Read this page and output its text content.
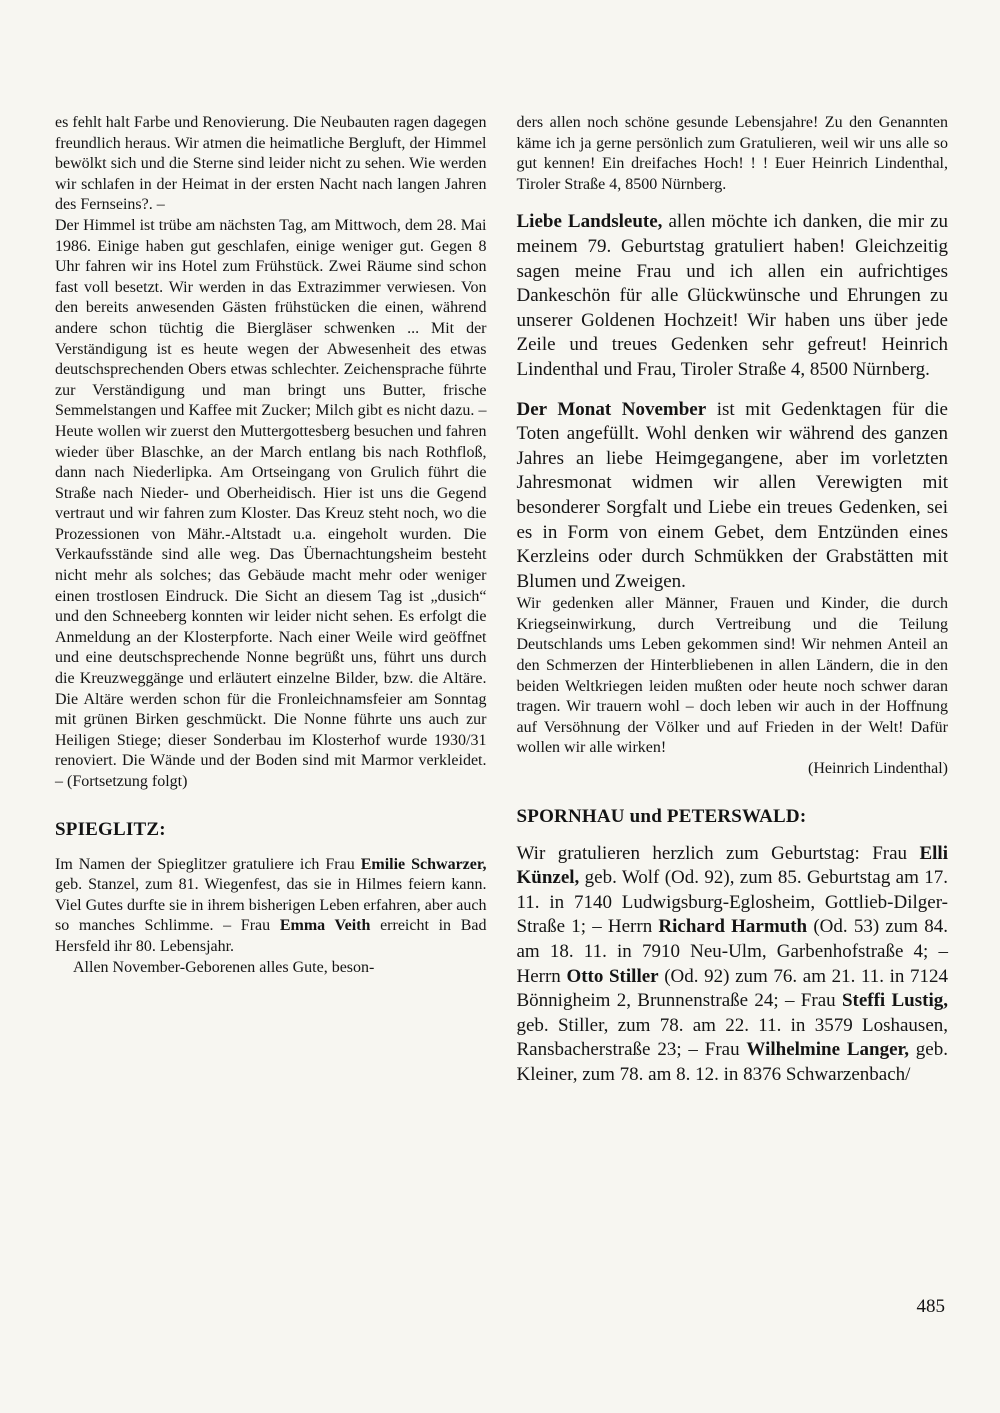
es fehlt halt Farbe und Renovierung. Die Neubauten ragen dagegen freundlich heraus. Wir atmen die heimatliche Bergluft, der Himmel bewölkt sich und die Sterne sind leider nicht zu sehen. Wie werden wir schlafen in der Heimat in der ersten Nacht nach langen Jahren des Fernseins?. –

Der Himmel ist trübe am nächsten Tag, am Mittwoch, dem 28. Mai 1986. Einige haben gut geschlafen, einige weniger gut. Gegen 8 Uhr fahren wir ins Hotel zum Frühstück. Zwei Räume sind schon fast voll besetzt. Wir werden in das Extrazimmer verwiesen. Von den bereits anwesenden Gästen frühstücken die einen, während andere schon tüchtig die Biergläser schwenken ... Mit der Verständigung ist es heute wegen der Abwesenheit des etwas deutschsprechenden Obers etwas schlechter. Zeichensprache führte zur Verständigung und man bringt uns Butter, frische Semmelstangen und Kaffee mit Zucker; Milch gibt es nicht dazu. – Heute wollen wir zuerst den Muttergottesberg besuchen und fahren wieder über Blaschke, an der March entlang bis nach Rothfloß, dann nach Niederlipka. Am Ortseingang von Grulich führt die Straße nach Nieder- und Oberheidisch. Hier ist uns die Gegend vertraut und wir fahren zum Kloster. Das Kreuz steht noch, wo die Prozessionen von Mähr.-Altstadt u.a. eingeholt wurden. Die Verkaufsstände sind alle weg. Das Übernachtungsheim besteht nicht mehr als solches; das Gebäude macht mehr oder weniger einen trostlosen Eindruck. Die Sicht an diesem Tag ist „dusich“ und den Schneeberg konnten wir leider nicht sehen. Es erfolgt die Anmeldung an der Klosterpforte. Nach einer Weile wird geöffnet und eine deutschsprechende Nonne begrüßt uns, führt uns durch die Kreuzweggänge und erläutert einzelne Bilder, bzw. die Altäre. Die Altäre werden schon für die Fronleichnamsfeier am Sonntag mit grünen Birken geschmückt. Die Nonne führte uns auch zur Heiligen Stiege; dieser Sonderbau im Klosterhof wurde 1930/31 renoviert. Die Wände und der Boden sind mit Marmor verkleidet. – (Fortsetzung folgt)

SPIEGLITZ:

Im Namen der Spieglitzer gratuliere ich Frau Emilie Schwarzer, geb. Stanzel, zum 81. Wiegenfest, das sie in Hilmes feiern kann. Viel Gutes durfte sie in ihrem bisherigen Leben erfahren, aber auch so manches Schlimme. – Frau Emma Veith erreicht in Bad Hersfeld ihr 80. Lebensjahr.

Allen November-Geborenen alles Gute, beson-

ders allen noch schöne gesunde Lebensjahre! Zu den Genannten käme ich ja gerne persönlich zum Gratulieren, weil wir uns alle so gut kennen! Ein dreifaches Hoch! ! ! Euer Heinrich Lindenthal, Tiroler Straße 4, 8500 Nürnberg.

Liebe Landsleute, allen möchte ich danken, die mir zu meinem 79. Geburtstag gratuliert haben! Gleichzeitig sagen meine Frau und ich allen ein aufrichtiges Dankeschön für alle Glückwünsche und Ehrungen zu unserer Goldenen Hochzeit! Wir haben uns über jede Zeile und treues Gedenken sehr gefreut! Heinrich Lindenthal und Frau, Tiroler Straße 4, 8500 Nürnberg.

Der Monat November ist mit Gedenktagen für die Toten angefüllt. Wohl denken wir während des ganzen Jahres an liebe Heimgegangene, aber im vorletzten Jahresmonat widmen wir allen Verewigten mit besonderer Sorgfalt und Liebe ein treues Gedenken, sei es in Form von einem Gebet, dem Entzünden eines Kerzleins oder durch Schmükken der Grabstätten mit Blumen und Zweigen.

Wir gedenken aller Männer, Frauen und Kinder, die durch Kriegseinwirkung, durch Vertreibung und die Teilung Deutschlands ums Leben gekommen sind! Wir nehmen Anteil an den Schmerzen der Hinterbliebenen in allen Ländern, die in den beiden Weltkriegen leiden mußten oder heute noch schwer daran tragen. Wir trauern wohl – doch leben wir auch in der Hoffnung auf Versöhnung der Völker und auf Frieden in der Welt! Dafür wollen wir alle wirken!

(Heinrich Lindenthal)

SPORNHAU und PETERSWALD:

Wir gratulieren herzlich zum Geburtstag: Frau Elli Künzel, geb. Wolf (Od. 92), zum 85. Geburtstag am 17. 11. in 7140 Ludwigsburg-Eglosheim, Gottlieb-Dilger-Straße 1; – Herrn Richard Harmuth (Od. 53) zum 84. am 18. 11. in 7910 Neu-Ulm, Garbenhofstraße 4; – Herrn Otto Stiller (Od. 92) zum 76. am 21. 11. in 7124 Bönnigheim 2, Brunnenstraße 24; – Frau Steffi Lustig, geb. Stiller, zum 78. am 22. 11. in 3579 Loshausen, Ransbacherstraße 23; – Frau Wilhelmine Langer, geb. Kleiner, zum 78. am 8. 12. in 8376 Schwarzenbach/

485
